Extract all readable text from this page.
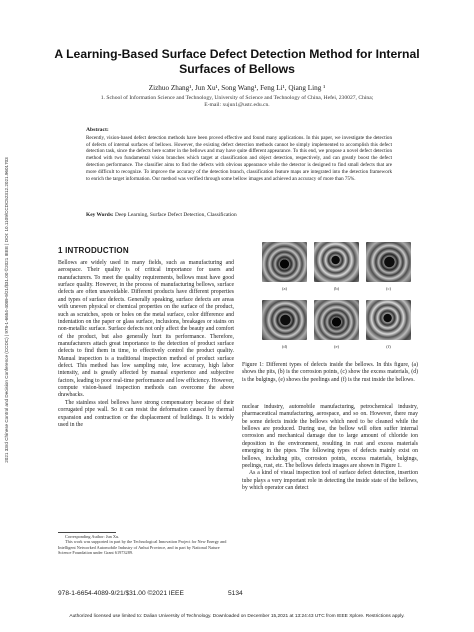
2021 33rd Chinese Control and Decision Conference (CCDC) | 978-1-6654-4089-9/21/$31.00 ©2021 IEEE | DOI: 10.1109/CCDC52312.2021.9601703
A Learning-Based Surface Defect Detection Method for Internal
Surfaces of Bellows
Zizhuo Zhang¹, Jun Xu¹, Song Wang¹, Feng Li¹, Qiang Ling ¹
1. School of Information Science and Technology, University of Science and Technology of China, Hefei, 230027, China;
E-mail: xujun1@ustc.edu.cn.
Abstract:
Recently, vision-based defect detection methods have been proved effective and found many applications. In this paper, we investigate the detection of defects of internal surfaces of bellows. However, the existing defect detection methods cannot be simply implemented to accomplish this defect detection task, since the defects here scatter in the bellows and may have quite different appearance. To this end, we propose a novel defect detection method with two fundamental vision branches which target at classification and object detection, respectively, and can greatly boost the defect detection performance. The classifier aims to find the defects with obvious appearance while the detector is designed to find small defects that are more difficult to recognize. To improve the accuracy of the detection branch, classification feature maps are integrated into the detection framework to enrich the target information. Our method was verified through some bellow images and achieved an accuracy of more than 75%.
Key Words: Deep Learning, Surface Defect Detection, Classification
1 INTRODUCTION

Bellows are widely used in many fields, such as manufacturing and aerospace. Their quality is of critical importance for users and manufacturers. To meet the quality requirements, bellows must have good surface quality. However, in the process of manufacturing bellows, surface defects are often unavoidable. Different products have different properties and types of surface defects. Generally speaking, surface defects are areas with uneven physical or chemical properties on the surface of the product, such as scratches, spots or holes on the metal surface, color difference and indentation on the paper or glass surface, inclusions, breakages or stains on non-metallic surface. Surface defects not only affect the beauty and comfort of the product, but also generally hurt its performance. Therefore, manufacturers attach great importance to the detection of product surface defects to find them in time, to effectively control the product quality. Manual inspection is a traditional inspection method of product surface defect. This method has low sampling rate, low accuracy, high labor intensity, and is greatly affected by manual experience and subjective factors, leading to poor real-time performance and low efficiency. However, compute vision-based inspection methods can overcome the above drawbacks.

The stainless steel bellows have strong compensatory because of their corrugated pipe wall. So it can resist the deformation caused by thermal expansion and contraction or the displacement of buildings. It is widely used in the

Corresponding Author: Jun Xu.

This work was supported in part by the Technological Innovation Project for New Energy and Intelligent Networked Automobile Industry of Anhui Province, and in part by National Nature Science Foundation under Grant 61973289.

(a)	(b)	(c)
(d)	(e)	(f)
Figure 1: Different types of defects inside the bellows. In this figure, (a) shows the pits, (b) is the corrosion points, (c) show the excess materials, (d) is the bulgings, (e) shows the peelings and (f) is the rust inside the bellows.

nuclear industry, automobile manufacturing, petrochemical industry, pharmaceutical manufacturing, aerospace, and so on. However, there may be some defects inside the bellows which need to be cleaned while the bellows are produced. During use, the bellow will often suffer internal corrosion and mechanical damage due to large amount of chloride ion deposition in the environment, resulting in rust and excess materials emerging in the pipes. The following types of defects mainly exist on bellows, including pits, corrosion points, excess materials, bulgings, peelings, rust, etc. The bellows defects images are shown in Figure 1.

As a kind of visual inspection tool of surface defect detection, insertion tube plays a very important role in detecting the inside state of the bellows, by which operator can detect

978-1-6654-4089-9/21/$31.00 ©2021 IEEE	5134
Authorized licensed use limited to: Dalian University of Technology. Downloaded on December 15,2021 at 13:24:43 UTC from IEEE Xplore. Restrictions apply.
